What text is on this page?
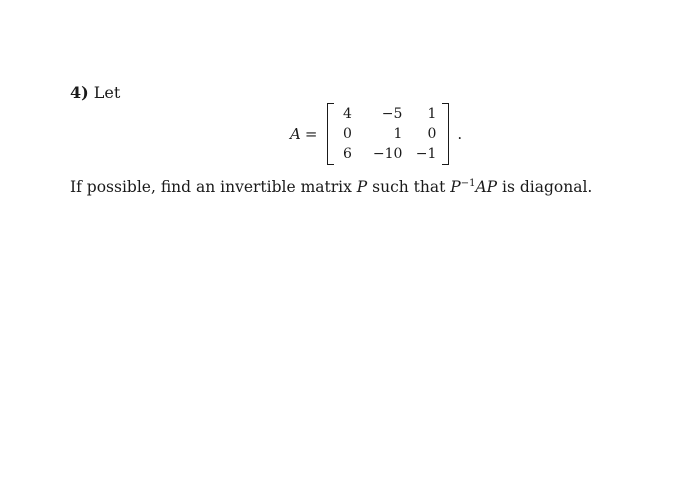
4) Let
A =
4	−5	1
0	1	0
6	−10 −1
.
If possible, find an invertible matrix P such that $P^{-1}AP$ is diagonal.
